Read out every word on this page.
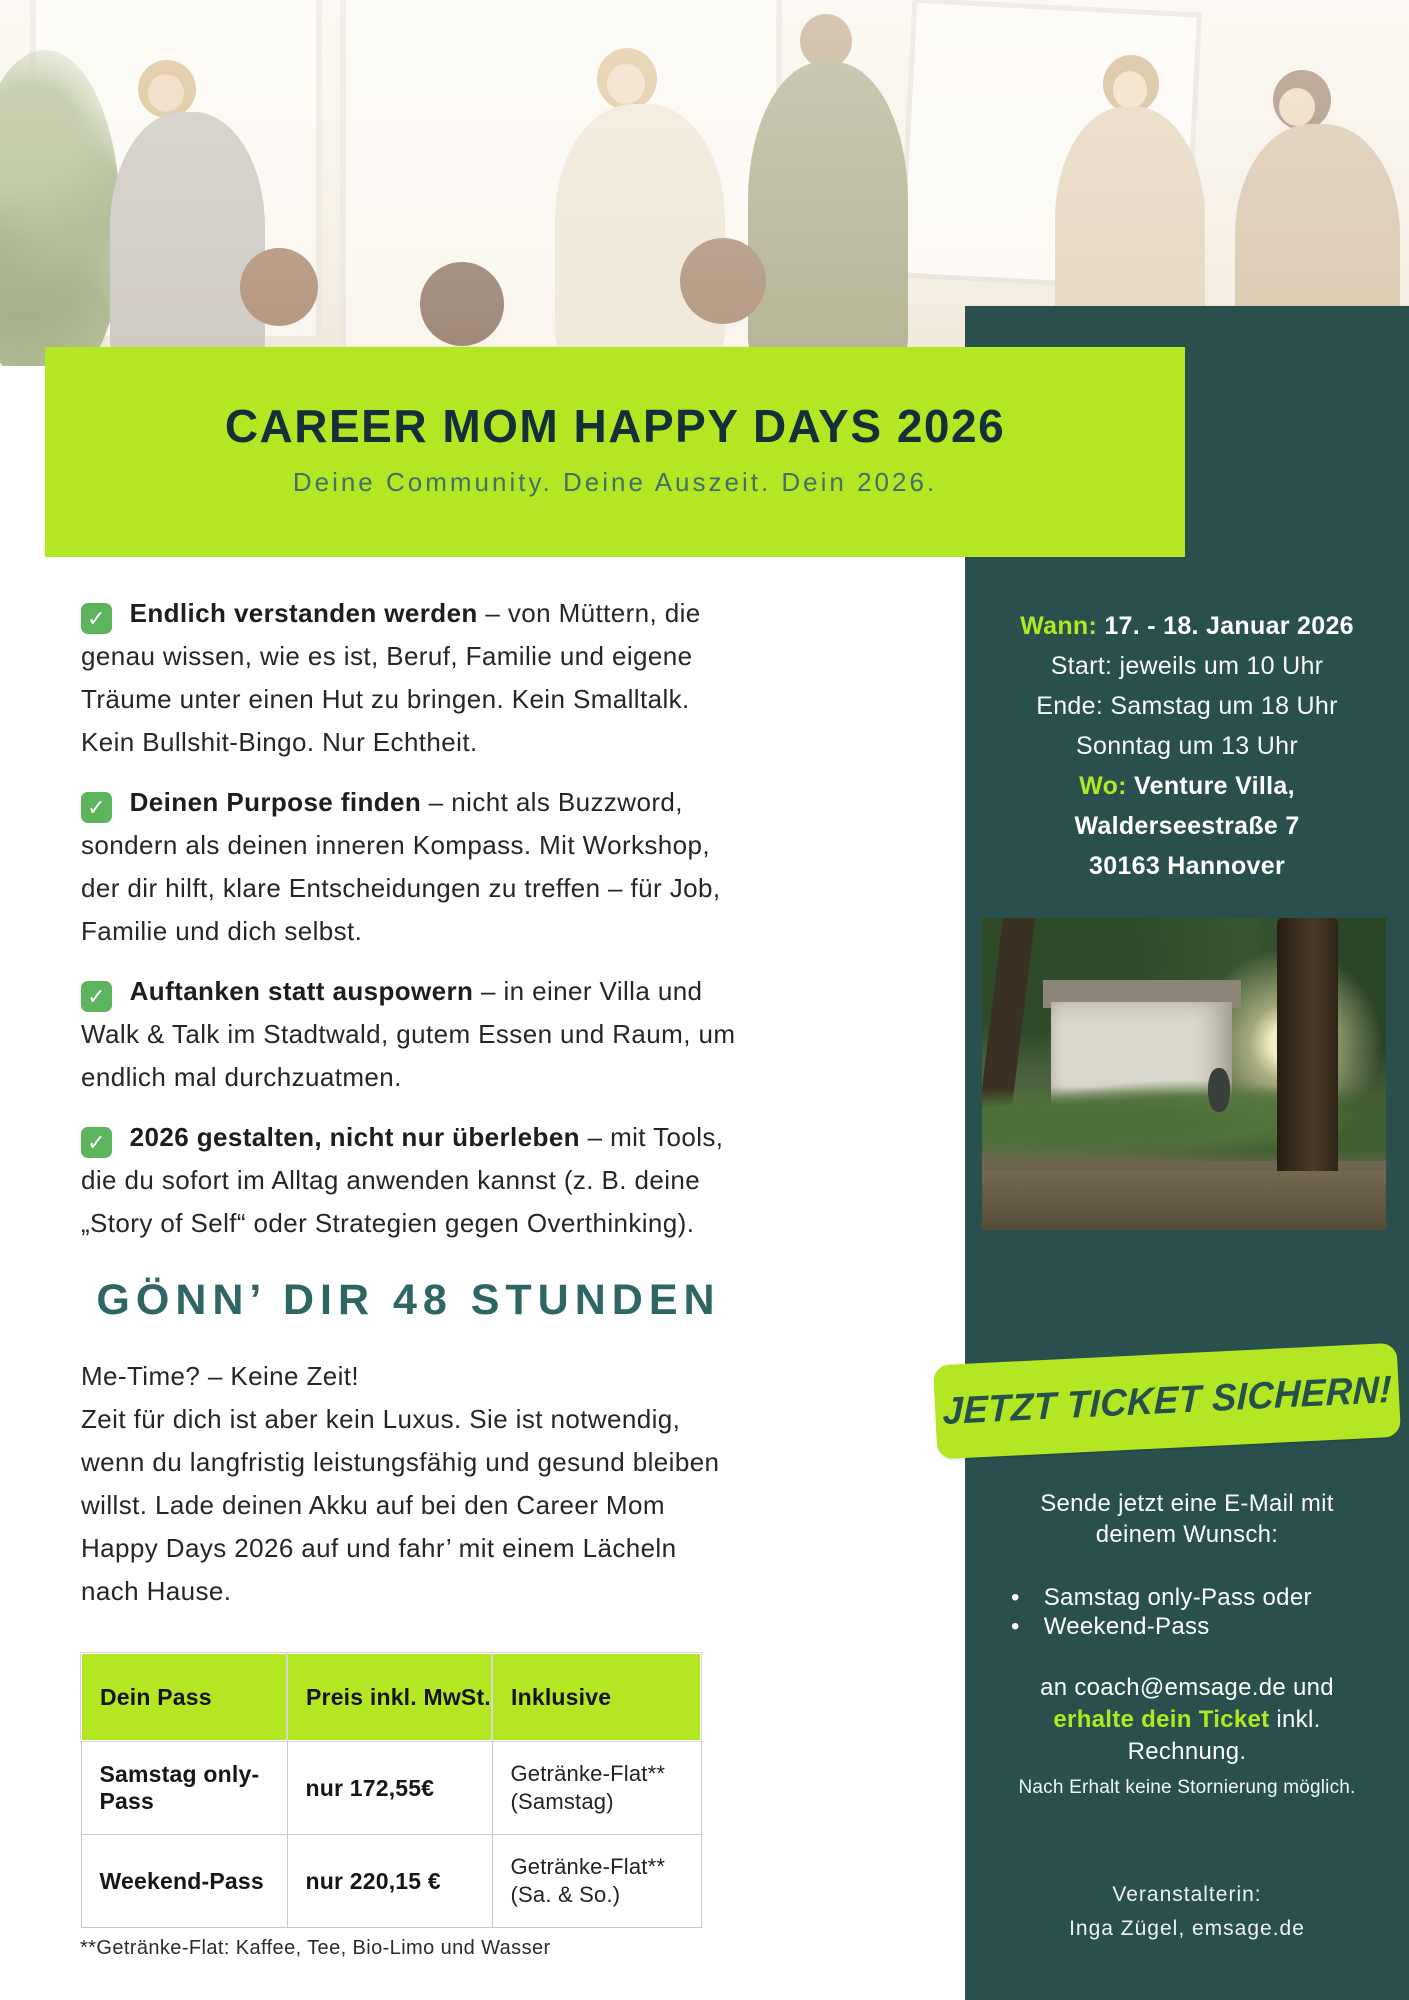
Wann: 17. - 18. Januar 2026
Start: jeweils um 10 Uhr
Ende: Samstag um 18 Uhr
Sonntag um 13 Uhr
Wo: Venture Villa,
Walderseestraße 7
30163 Hannover
JETZT TICKET SICHERN!
Sende jetzt eine E-Mail mit deinem Wunsch:
• Samstag only-Pass oder
• Weekend-Pass
an coach@emsage.de und
erhalte dein Ticket inkl.
Rechnung.
Nach Erhalt keine Stornierung möglich.
Veranstalterin:
Inga Zügel, emsage.de
CAREER MOM HAPPY DAYS 2026
Deine Community. Deine Auszeit. Dein 2026.

✓ Endlich verstanden werden – von Müttern, die genau wissen, wie es ist, Beruf, Familie und eigene Träume unter einen Hut zu bringen. Kein Smalltalk. Kein Bullshit-Bingo. Nur Echtheit.

✓ Deinen Purpose finden – nicht als Buzzword, sondern als deinen inneren Kompass. Mit Workshop, der dir hilft, klare Entscheidungen zu treffen – für Job, Familie und dich selbst.

✓ Auftanken statt auspowern – in einer Villa und Walk & Talk im Stadtwald, gutem Essen und Raum, um endlich mal durchzuatmen.

✓ 2026 gestalten, nicht nur überleben – mit Tools, die du sofort im Alltag anwenden kannst (z. B. deine „Story of Self“ oder Strategien gegen Overthinking).

GÖNN’ DIR 48 STUNDEN

Me-Time? – Keine Zeit!
Zeit für dich ist aber kein Luxus. Sie ist notwendig, wenn du langfristig leistungsfähig und gesund bleiben willst. Lade deinen Akku auf bei den Career Mom Happy Days 2026 auf und fahr’ mit einem Lächeln nach Hause.

Dein Pass	Preis inkl. MwSt.	Inklusive
Samstag only-Pass	nur 172,55€	Getränke-Flat**
(Samstag)

Weekend-Pass	nur 220,15 €	Getränke-Flat**
(Sa. & So.)
**Getränke-Flat: Kaffee, Tee, Bio-Limo und Wasser
